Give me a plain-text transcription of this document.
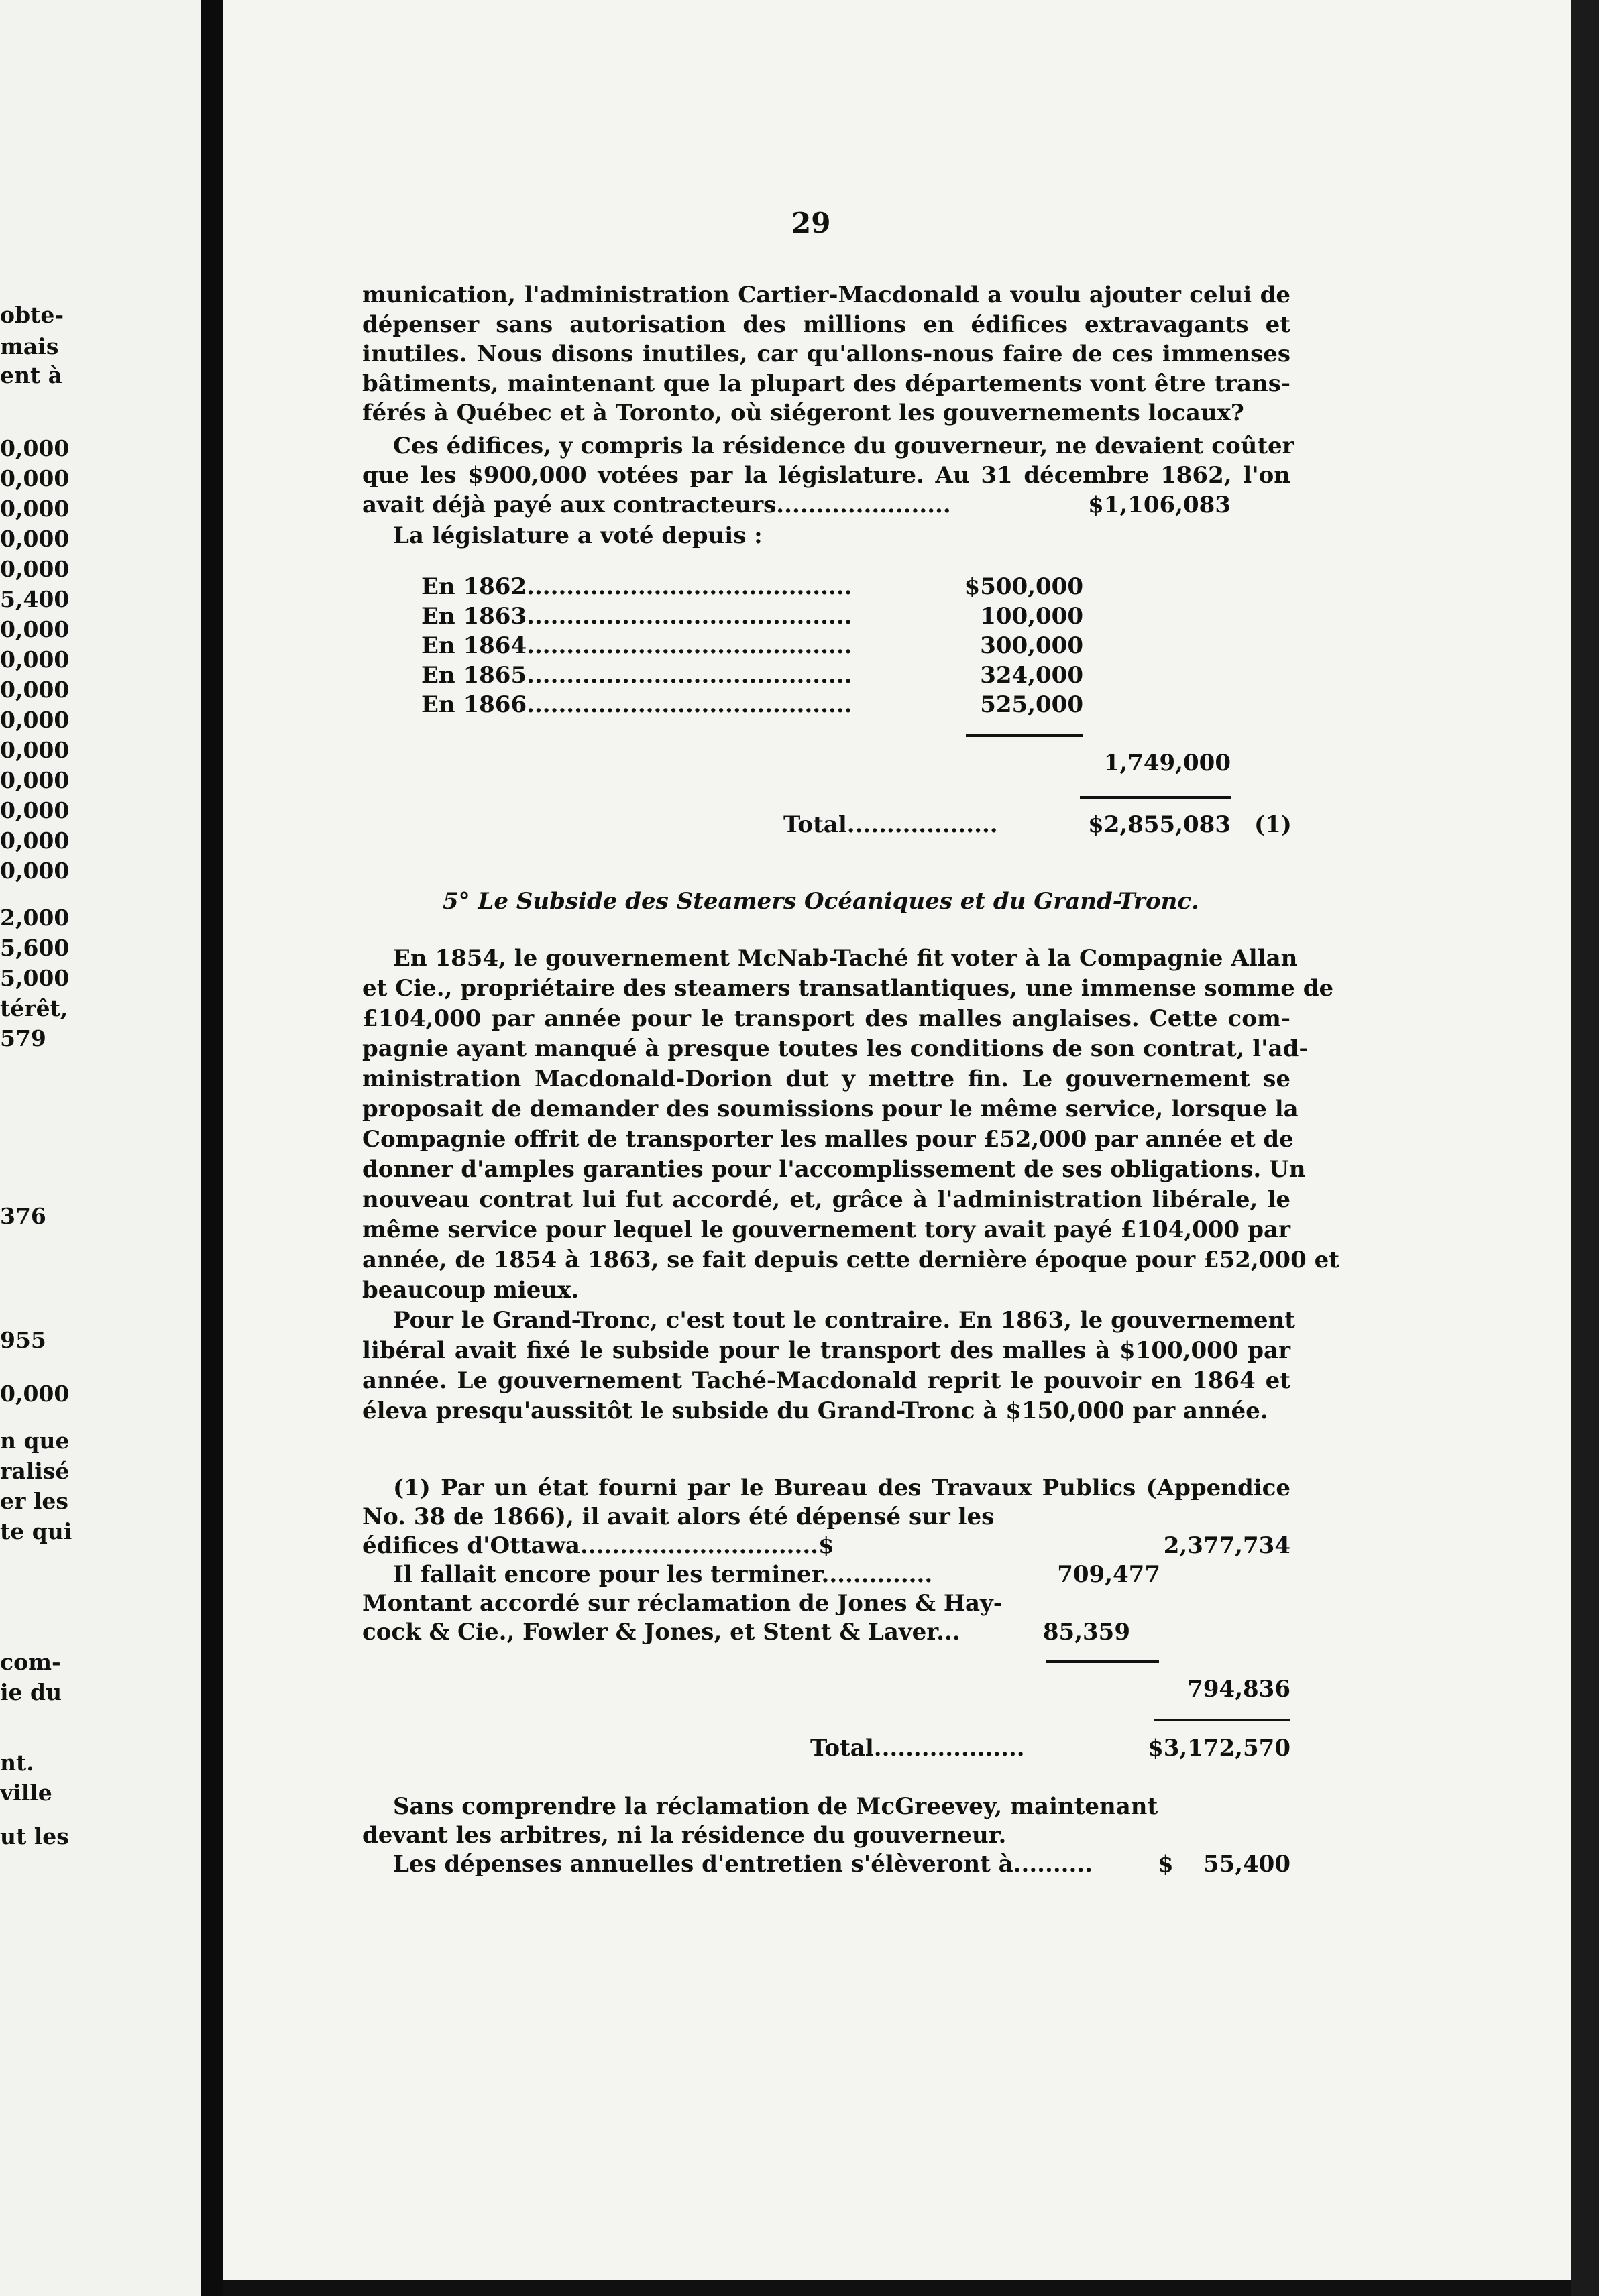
obte-
mais
ent à
0,000
0,000
0,000
0,000
0,000
5,400
0,000
0,000
0,000
0,000
0,000
0,000
0,000
0,000
0,000
2,000
5,600
5,000
térêt,
579
376
955
0,000
n que
ralisé
er les
te qui
com-
ie du
nt.
ville
ut les
29
munication, l'administration Cartier-Macdonald a voulu ajouter celui de
dépenser sans autorisation des millions en édifices extravagants et
inutiles. Nous disons inutiles, car qu'allons-nous faire de ces immenses
bâtiments, maintenant que la plupart des départements vont être trans-
férés à Québec et à Toronto, où siégeront les gouvernements locaux?
Ces édifices, y compris la résidence du gouverneur, ne devaient coûter
que les $900,000 votées par la législature. Au 31 décembre 1862, l'on
avait déjà payé aux contracteurs......................	$1,106,083
La législature a voté depuis :
En 1862.........................................	$500,000
En 1863.........................................	100,000
En 1864.........................................	300,000
En 1865.........................................	324,000
En 1866.........................................	525,000
1,749,000
Total...................	$2,855,083 (1)
5° Le Subside des Steamers Océaniques et du Grand-Tronc.
En 1854, le gouvernement McNab-Taché fit voter à la Compagnie Allan
et Cie., propriétaire des steamers transatlantiques, une immense somme de
£104,000 par année pour le transport des malles anglaises. Cette com-
pagnie ayant manqué à presque toutes les conditions de son contrat, l'ad-
ministration Macdonald-Dorion dut y mettre fin. Le gouvernement se
proposait de demander des soumissions pour le même service, lorsque la
Compagnie offrit de transporter les malles pour £52,000 par année et de
donner d'amples garanties pour l'accomplissement de ses obligations. Un
nouveau contrat lui fut accordé, et, grâce à l'administration libérale, le
même service pour lequel le gouvernement tory avait payé £104,000 par
année, de 1854 à 1863, se fait depuis cette dernière époque pour £52,000 et
beaucoup mieux.
Pour le Grand-Tronc, c'est tout le contraire. En 1863, le gouvernement
libéral avait fixé le subside pour le transport des malles à $100,000 par
année. Le gouvernement Taché-Macdonald reprit le pouvoir en 1864 et
éleva presqu'aussitôt le subside du Grand-Tronc à $150,000 par année.
(1) Par un état fourni par le Bureau des Travaux Publics (Appendice
No. 38 de 1866), il avait alors été dépensé sur les
édifices d'Ottawa..............................$	2,377,734
Il fallait encore pour les terminer..............	709,477
Montant accordé sur réclamation de Jones & Hay-
cock & Cie., Fowler & Jones, et Stent & Laver...	85,359
794,836
Total...................	$3,172,570
Sans comprendre la réclamation de McGreevey, maintenant
devant les arbitres, ni la résidence du gouverneur.
Les dépenses annuelles d'entretien s'élèveront à..........	$	55,400
